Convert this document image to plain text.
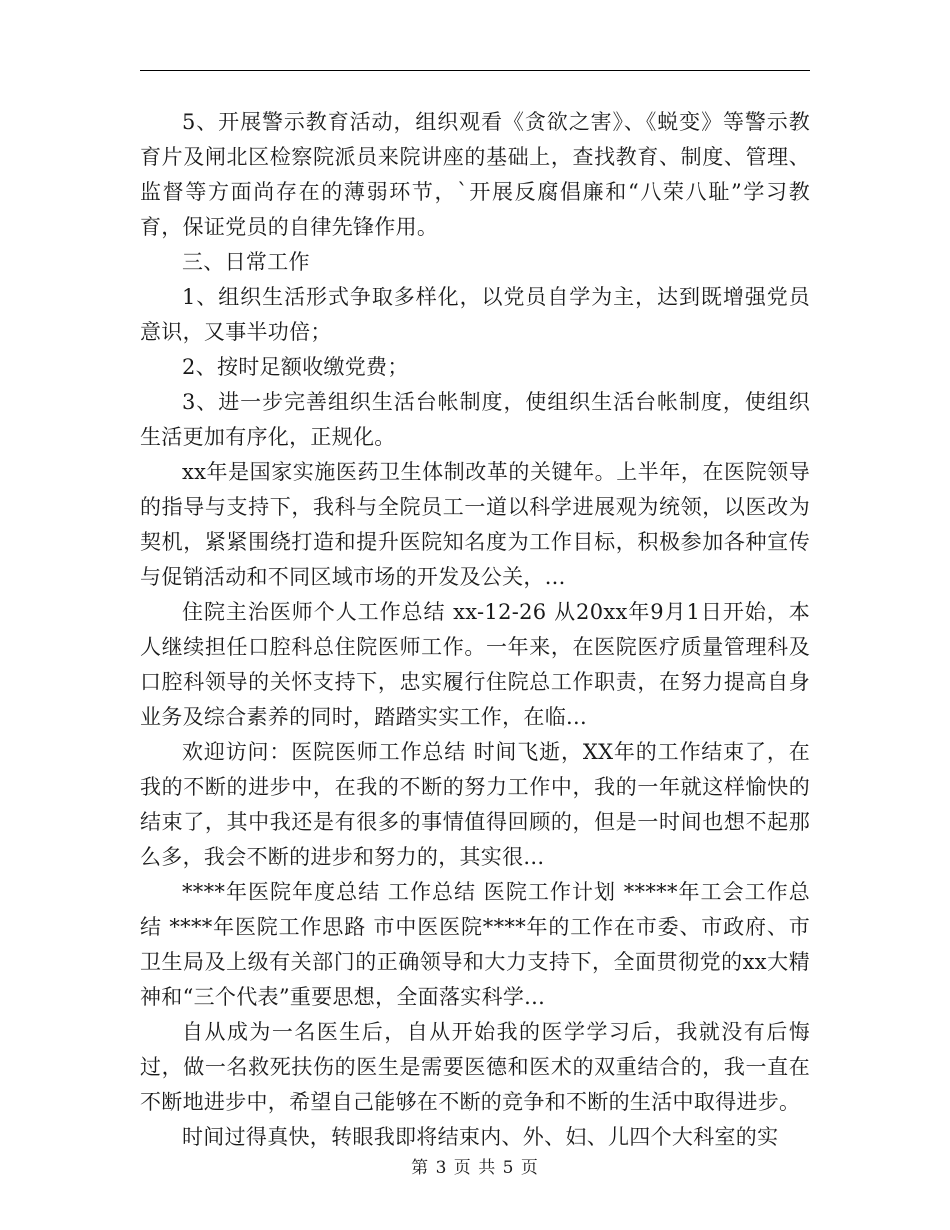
5、开展警示教育活动，组织观看《贪欲之害》、《蜕变》等警示教育片及闸北区检察院派员来院讲座的基础上，查找教育、制度、管理、监督等方面尚存在的薄弱环节，`开展反腐倡廉和“八荣八耻”学习教育，保证党员的自律先锋作用。

三、日常工作

1、组织生活形式争取多样化，以党员自学为主，达到既增强党员意识，又事半功倍；

2、按时足额收缴党费；

3、进一步完善组织生活台帐制度，使组织生活台帐制度，使组织生活更加有序化，正规化。

xx年是国家实施医药卫生体制改革的关键年。上半年，在医院领导的指导与支持下，我科与全院员工一道以科学进展观为统领，以医改为契机，紧紧围绕打造和提升医院知名度为工作目标，积极参加各种宣传与促销活动和不同区域市场的开发及公关，...

住院主治医师个人工作总结 xx-12-26 从20xx年9月1日开始，本人继续担任口腔科总住院医师工作。一年来，在医院医疗质量管理科及口腔科领导的关怀支持下，忠实履行住院总工作职责，在努力提高自身业务及综合素养的同时，踏踏实实工作，在临...

欢迎访问：医院医师工作总结 时间飞逝，XX年的工作结束了，在我的不断的进步中，在我的不断的努力工作中，我的一年就这样愉快的结束了，其中我还是有很多的事情值得回顾的，但是一时间也想不起那么多，我会不断的进步和努力的，其实很...

****年医院年度总结 工作总结 医院工作计划 *****年工会工作总结 ****年医院工作思路 市中医医院****年的工作在市委、市政府、市卫生局及上级有关部门的正确领导和大力支持下，全面贯彻党的xx大精神和“三个代表”重要思想，全面落实科学...

自从成为一名医生后，自从开始我的医学学习后，我就没有后悔过，做一名救死扶伤的医生是需要医德和医术的双重结合的，我一直在不断地进步中，希望自己能够在不断的竞争和不断的生活中取得进步。

时间过得真快，转眼我即将结束内、外、妇、儿四个大科室的实

第 3 页 共 5 页
